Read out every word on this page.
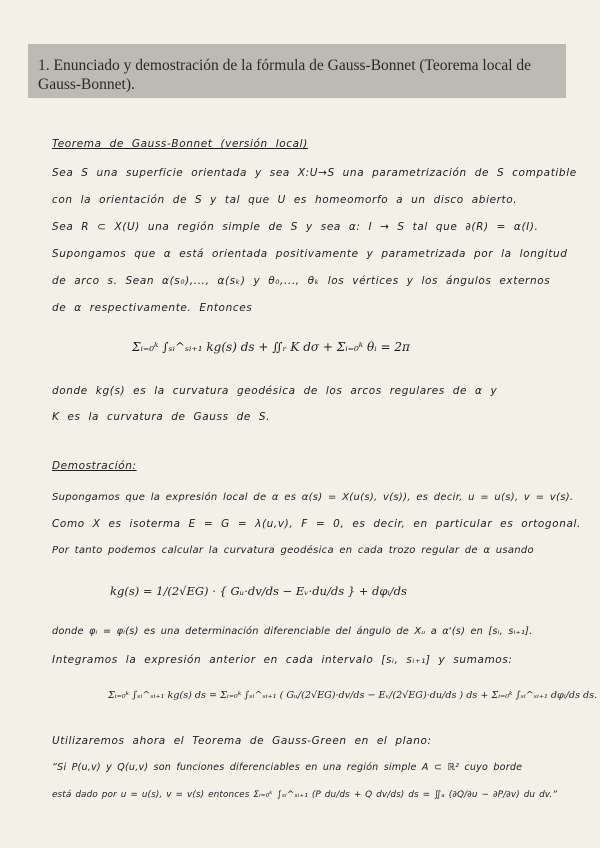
1. Enunciado y demostración de la fórmula de Gauss-Bonnet (Teorema local de Gauss-Bonnet).
Teorema de Gauss-Bonnet (versión local)
Sea S una superficie orientada y sea X:U→S una parametrización de S compatible
con la orientación de S y tal que U es homeomorfo a un disco abierto.
Sea R ⊂ X(U) una región simple de S y sea α: I → S tal que ∂(R) = α(I).
Supongamos que α está orientada positivamente y parametrizada por la longitud
de arco s. Sean α(s₀),..., α(sₖ) y θ₀,..., θₖ los vértices y los ángulos externos
de α respectivamente. Entonces
Σᵢ₌₀ᵏ ∫ₛᵢ^ₛᵢ₊₁ kg(s) ds + ∬ᵣ K dσ + Σᵢ₌₀ᵏ θᵢ = 2π
donde kg(s) es la curvatura geodésica de los arcos regulares de α y
K es la curvatura de Gauss de S.
Demostración:
Supongamos que la expresión local de α es α(s) = X(u(s), v(s)), es decir, u = u(s), v = v(s).
Como X es isoterma E = G = λ(u,v), F = 0, es decir, en particular es ortogonal.
Por tanto podemos calcular la curvatura geodésica en cada trozo regular de α usando
kg(s) = 1/(2√EG) · { Gᵤ·dv/ds − Eᵥ·du/ds } + dφᵢ/ds
donde φᵢ = φᵢ(s) es una determinación diferenciable del ángulo de Xᵤ a α'(s) en [sᵢ, sᵢ₊₁].
Integramos la expresión anterior en cada intervalo [sᵢ, sᵢ₊₁] y sumamos:
Σᵢ₌₀ᵏ ∫ₛᵢ^ₛᵢ₊₁ kg(s) ds = Σᵢ₌₀ᵏ ∫ₛᵢ^ₛᵢ₊₁ ( Gᵤ/(2√EG)·dv/ds − Eᵥ/(2√EG)·du/ds ) ds + Σᵢ₌₀ᵏ ∫ₛᵢ^ₛᵢ₊₁ dφᵢ/ds ds.
Utilizaremos ahora el Teorema de Gauss-Green en el plano:
“Si P(u,v) y Q(u,v) son funciones diferenciables en una región simple A ⊂ ℝ² cuyo borde
está dado por u = u(s), v = v(s) entonces Σᵢ₌₀ᵏ ∫ₛᵢ^ₛᵢ₊₁ (P du/ds + Q dv/ds) ds = ∬ₐ (∂Q/∂u − ∂P/∂v) du dv.”
